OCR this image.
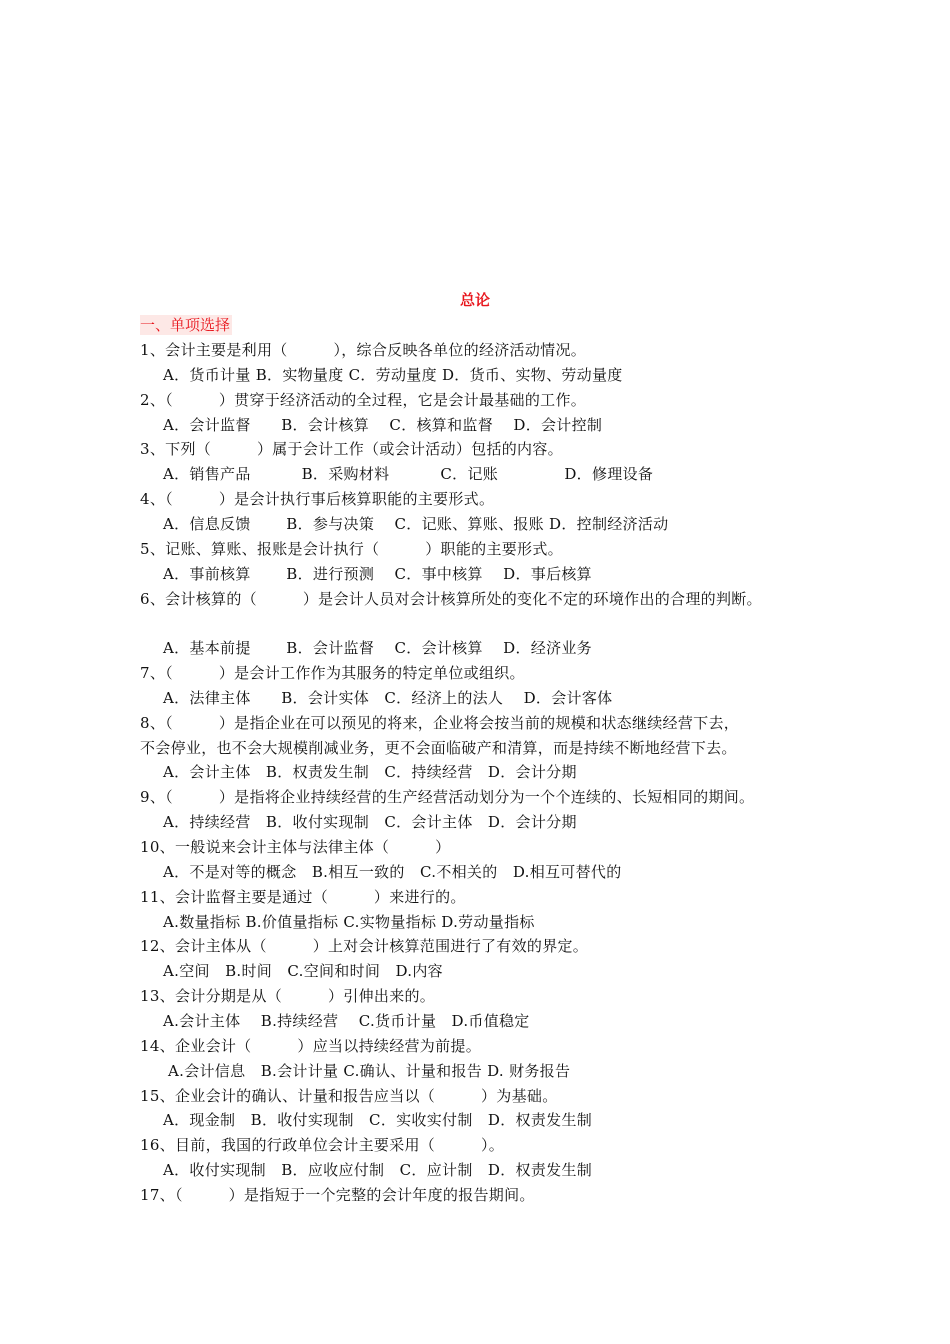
总论
一、单项选择
1、会计主要是利用（　　　），综合反映各单位的经济活动情况。
A．货币计量 B．实物量度 C．劳动量度 D．货币、实物、劳动量度
2、（　　　）贯穿于经济活动的全过程，它是会计最基础的工作。
A．会计监督　　B．会计核算　 C．核算和监督　 D．会计控制
3、下列（　　　）属于会计工作（或会计活动）包括的内容。
A．销售产品　　　 B．采购材料　　　 C．记账　　　　 D．修理设备
4、（　　　）是会计执行事后核算职能的主要形式。
A．信息反馈　　 B．参与决策　 C．记账、算账、报账 D．控制经济活动
5、记账、算账、报账是会计执行（　　　）职能的主要形式。
A．事前核算　　 B．进行预测　 C．事中核算　 D．事后核算
6、会计核算的（　　　）是会计人员对会计核算所处的变化不定的环境作出的合理的判断。
A．基本前提　　 B．会计监督　 C．会计核算　 D．经济业务
7、（　　　）是会计工作作为其服务的特定单位或组织。
A．法律主体　　B．会计实体　C．经济上的法人　 D．会计客体
8、（　　　）是指企业在可以预见的将来，企业将会按当前的规模和状态继续经营下去，
不会停业，也不会大规模削减业务，更不会面临破产和清算，而是持续不断地经营下去。
A．会计主体　B．权责发生制　C．持续经营　D．会计分期
9、（　　　）是指将企业持续经营的生产经营活动划分为一个个连续的、长短相同的期间。
A．持续经营　B．收付实现制　C．会计主体　D．会计分期
10、一般说来会计主体与法律主体（　　　）
A．不是对等的概念　B.相互一致的　C.不相关的　D.相互可替代的
11、会计监督主要是通过（　　　）来进行的。
A.数量指标 B.价值量指标 C.实物量指标 D.劳动量指标
12、会计主体从（　　　）上对会计核算范围进行了有效的界定。
A.空间　B.时间　C.空间和时间　D.内容
13、会计分期是从（　　　）引伸出来的。
A.会计主体　 B.持续经营　 C.货币计量　D.币值稳定
14、企业会计（　　　）应当以持续经营为前提。
A.会计信息　B.会计计量 C.确认、计量和报告 D. 财务报告
15、企业会计的确认、计量和报告应当以（　　　）为基础。
A．现金制　B．收付实现制　C．实收实付制　D．权责发生制
16、目前，我国的行政单位会计主要采用（　　　）。
A．收付实现制　B．应收应付制　C．应计制　D．权责发生制
17、（　　　）是指短于一个完整的会计年度的报告期间。
